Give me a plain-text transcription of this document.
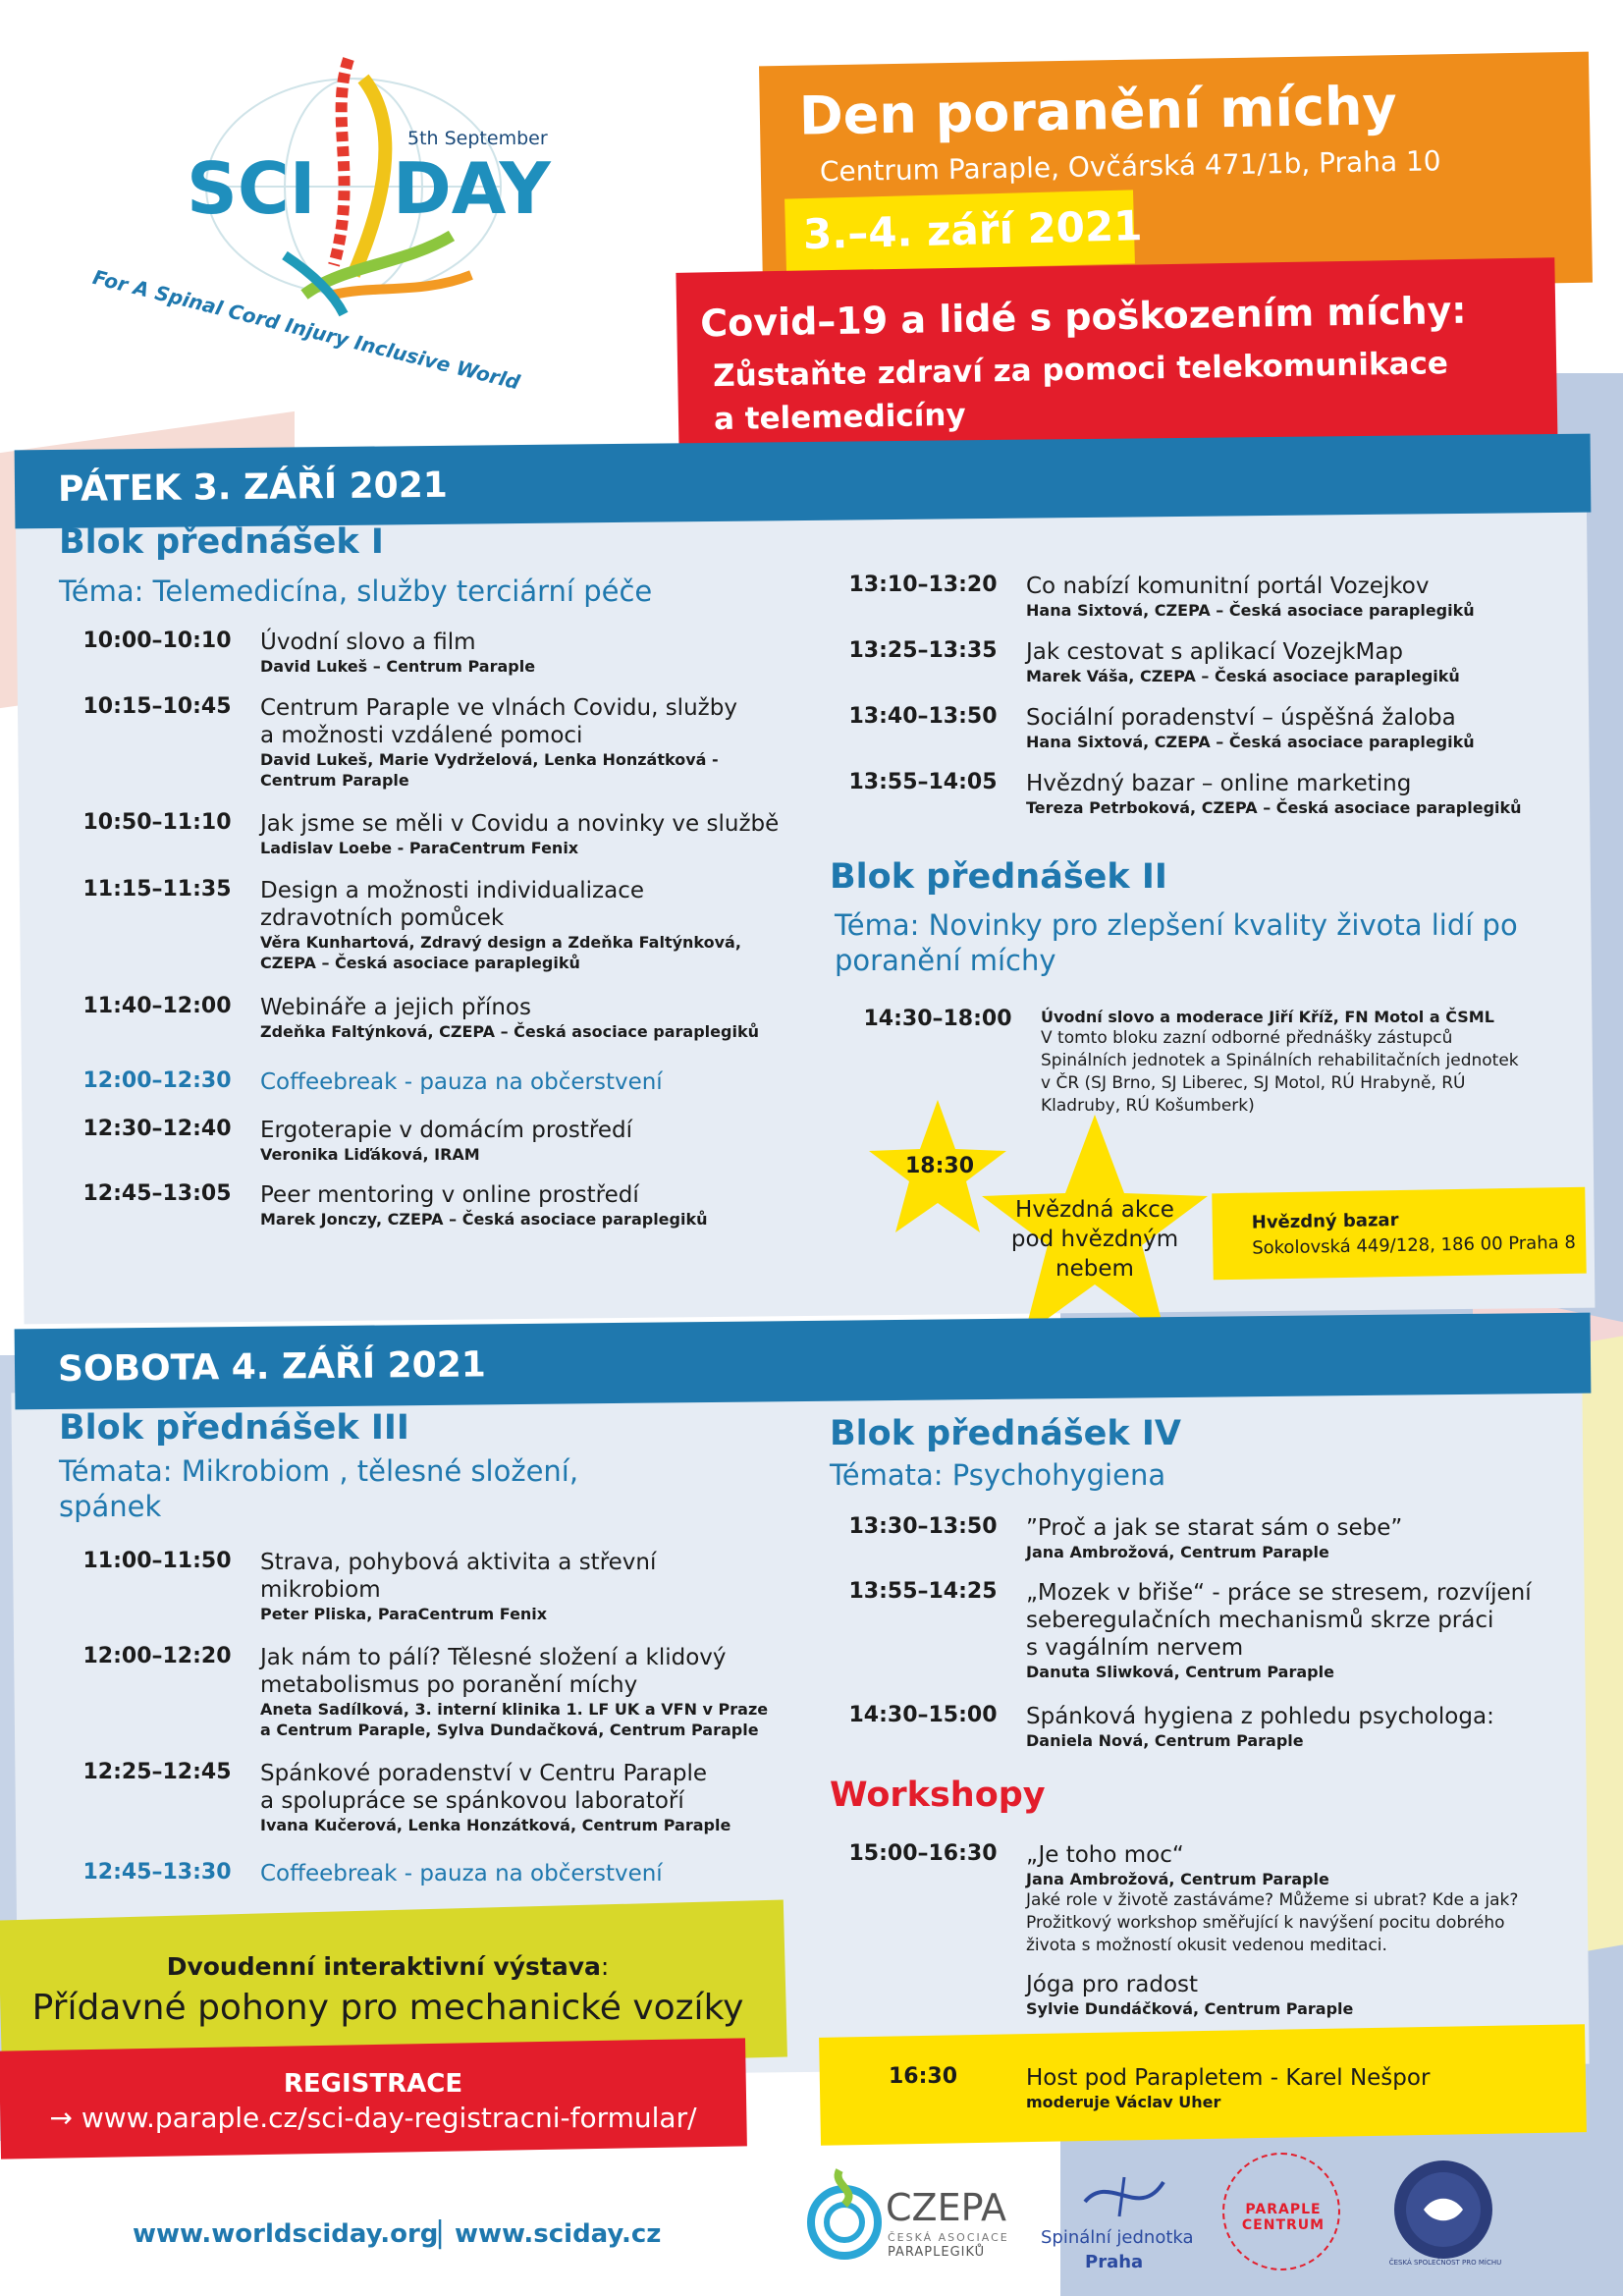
SCI DAY
5th September
For A Spinal Cord Injury Inclusive World
Den poranění míchy
Centrum Paraple, Ovčárská 471/1b, Praha 10
3.–4. září 2021
Covid–19 a lidé s poškozením míchy:
Zůstaňte zdraví za pomoci telekomunikace
a telemedicíny
PÁTEK 3. ZÁŘÍ 2021
Blok přednášek I
Téma: Telemedicína, služby terciární péče
10:00–10:10	Úvodní slovo a film
David Lukeš – Centrum Paraple
10:15–10:45	Centrum Paraple ve vlnách Covidu, služby
a možnosti vzdálené pomoci
David Lukeš, Marie Vydrželová, Lenka Honzátková -
Centrum Paraple
10:50–11:10	Jak jsme se měli v Covidu a novinky ve službě
Ladislav Loebe - ParaCentrum Fenix
11:15–11:35	Design a možnosti individualizace
zdravotních pomůcek
Věra Kunhartová, Zdravý design a Zdeňka Faltýnková,
CZEPA – Česká asociace paraplegiků
11:40–12:00	Webináře a jejich přínos
Zdeňka Faltýnková, CZEPA – Česká asociace paraplegiků
12:00–12:30	Coffeebreak - pauza na občerstvení
12:30–12:40	Ergoterapie v domácím prostředí
Veronika Liďáková, IRAM
12:45–13:05	Peer mentoring v online prostředí
Marek Jonczy, CZEPA – Česká asociace paraplegiků
13:10–13:20	Co nabízí komunitní portál Vozejkov
Hana Sixtová, CZEPA – Česká asociace paraplegiků
13:25–13:35	Jak cestovat s aplikací VozejkMap
Marek Váša, CZEPA – Česká asociace paraplegiků
13:40–13:50	Sociální poradenství – úspěšná žaloba
Hana Sixtová, CZEPA – Česká asociace paraplegiků
13:55–14:05	Hvězdný bazar – online marketing
Tereza Petrboková, CZEPA – Česká asociace paraplegiků
Blok přednášek II
Téma: Novinky pro zlepšení kvality života lidí po
poranění míchy
14:30–18:00	Úvodní slovo a moderace Jiří Kříž, FN Motol a ČSML
V tomto bloku zazní odborné přednášky zástupců
Spinálních jednotek a Spinálních rehabilitačních jednotek
v ČR (SJ Brno, SJ Liberec, SJ Motol, RÚ Hrabyně, RÚ
Kladruby, RÚ Košumberk)
18:30
Hvězdná akce
pod hvězdným
nebem
Hvězdný bazar
Sokolovská 449/128, 186 00 Praha 8
SOBOTA 4. ZÁŘÍ 2021
Blok přednášek III
Témata: Mikrobiom , tělesné složení,
spánek
11:00–11:50	Strava, pohybová aktivita a střevní
mikrobiom
Peter Pliska, ParaCentrum Fenix
12:00–12:20	Jak nám to pálí? Tělesné složení a klidový
metabolismus po poranění míchy
Aneta Sadílková, 3. interní klinika 1. LF UK a VFN v Praze
a Centrum Paraple, Sylva Dundačková, Centrum Paraple
12:25–12:45	Spánkové poradenství v Centru Paraple
a spolupráce se spánkovou laboratoří
Ivana Kučerová, Lenka Honzátková, Centrum Paraple
12:45–13:30	Coffeebreak - pauza na občerstvení
Blok přednášek IV
Témata: Psychohygiena
13:30–13:50	”Proč a jak se starat sám o sebe”
Jana Ambrožová, Centrum Paraple
13:55–14:25	„Mozek v břiše“ - práce se stresem, rozvíjení
seberegulačních mechanismů skrze práci
s vagálním nervem
Danuta Sliwková, Centrum Paraple
14:30–15:00	Spánková hygiena z pohledu psychologa:
Daniela Nová, Centrum Paraple
Workshopy
15:00–16:30	„Je toho moc“
Jana Ambrožová, Centrum Paraple
Jaké role v životě zastáváme? Můžeme si ubrat? Kde a jak?
Prožitkový workshop směřující k navýšení pocitu dobrého
života s možností okusit vedenou meditaci.
Jóga pro radost
Sylvie Dundáčková, Centrum Paraple
16:30	Host pod Parapletem - Karel Nešpor
moderuje Václav Uher
Dvoudenní interaktivní výstava:
Přídavné pohony pro mechanické vozíky
REGISTRACE
→ www.paraple.cz/sci-day-registracni-formular/
www.worldsciday.org
| www.sciday.cz
CZEPA
ČESKÁ ASOCIACE
PARAPLEGIKŮ
Spinální jednotka
Praha
PARAPLE CENTRUM
ČESKÁ SPOLEČNOST PRO MÍCHU
